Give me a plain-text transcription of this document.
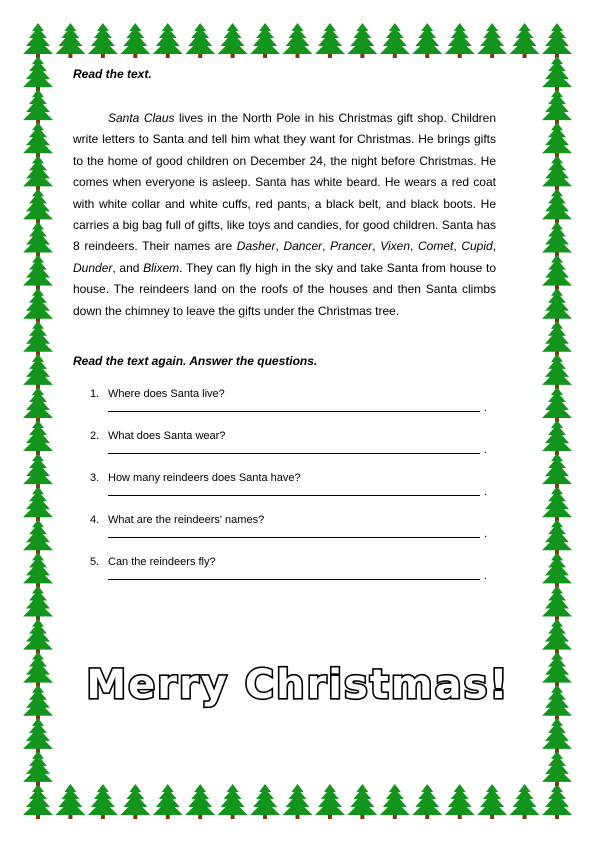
Read the text.

Santa Claus lives in the North Pole in his Christmas gift shop. Children write letters to Santa and tell him what they want for Christmas. He brings gifts to the home of good children on December 24, the night before Christmas. He comes when everyone is asleep. Santa has white beard. He wears a red coat with white collar and white cuffs, red pants, a black belt, and black boots. He carries a big bag full of gifts, like toys and candies, for good children. Santa has 8 reindeers. Their names are Dasher, Dancer, Prancer, Vixen, Comet, Cupid, Dunder, and Blixem. They can fly high in the sky and take Santa from house to house. The reindeers land on the roofs of the houses and then Santa climbs down the chimney to leave the gifts under the Christmas tree.

Read the text again. Answer the questions.

1. Where does Santa live?
.
2. What does Santa wear?
.
3. How many reindeers does Santa have?
.
4. What are the reindeers' names?
.
5. Can the reindeers fly?
.
Merry Christmas!
